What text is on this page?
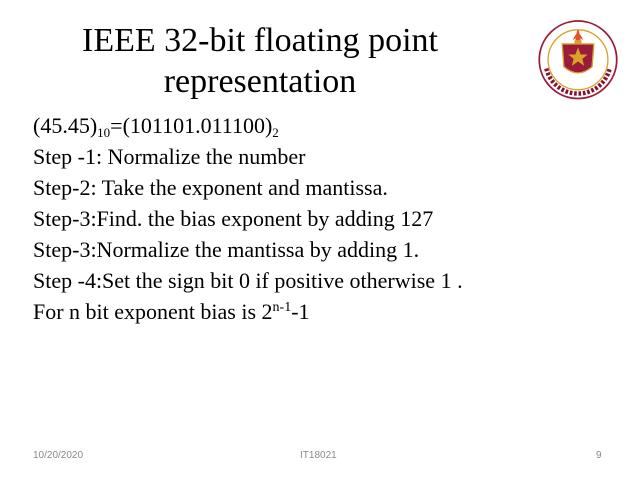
IEEE 32-bit floating point
representation
$(45.45)_{10}=(101101.011100)_2$
Step -1: Normalize the number
Step-2: Take the exponent and mantissa.
Step-3:Find. the bias exponent by adding 127
Step-3:Normalize the mantissa by adding 1.
Step -4:Set the sign bit 0 if positive otherwise 1 .
For n bit exponent bias is 2$^{n-1}$-1
10/20/2020	IT18021	9
